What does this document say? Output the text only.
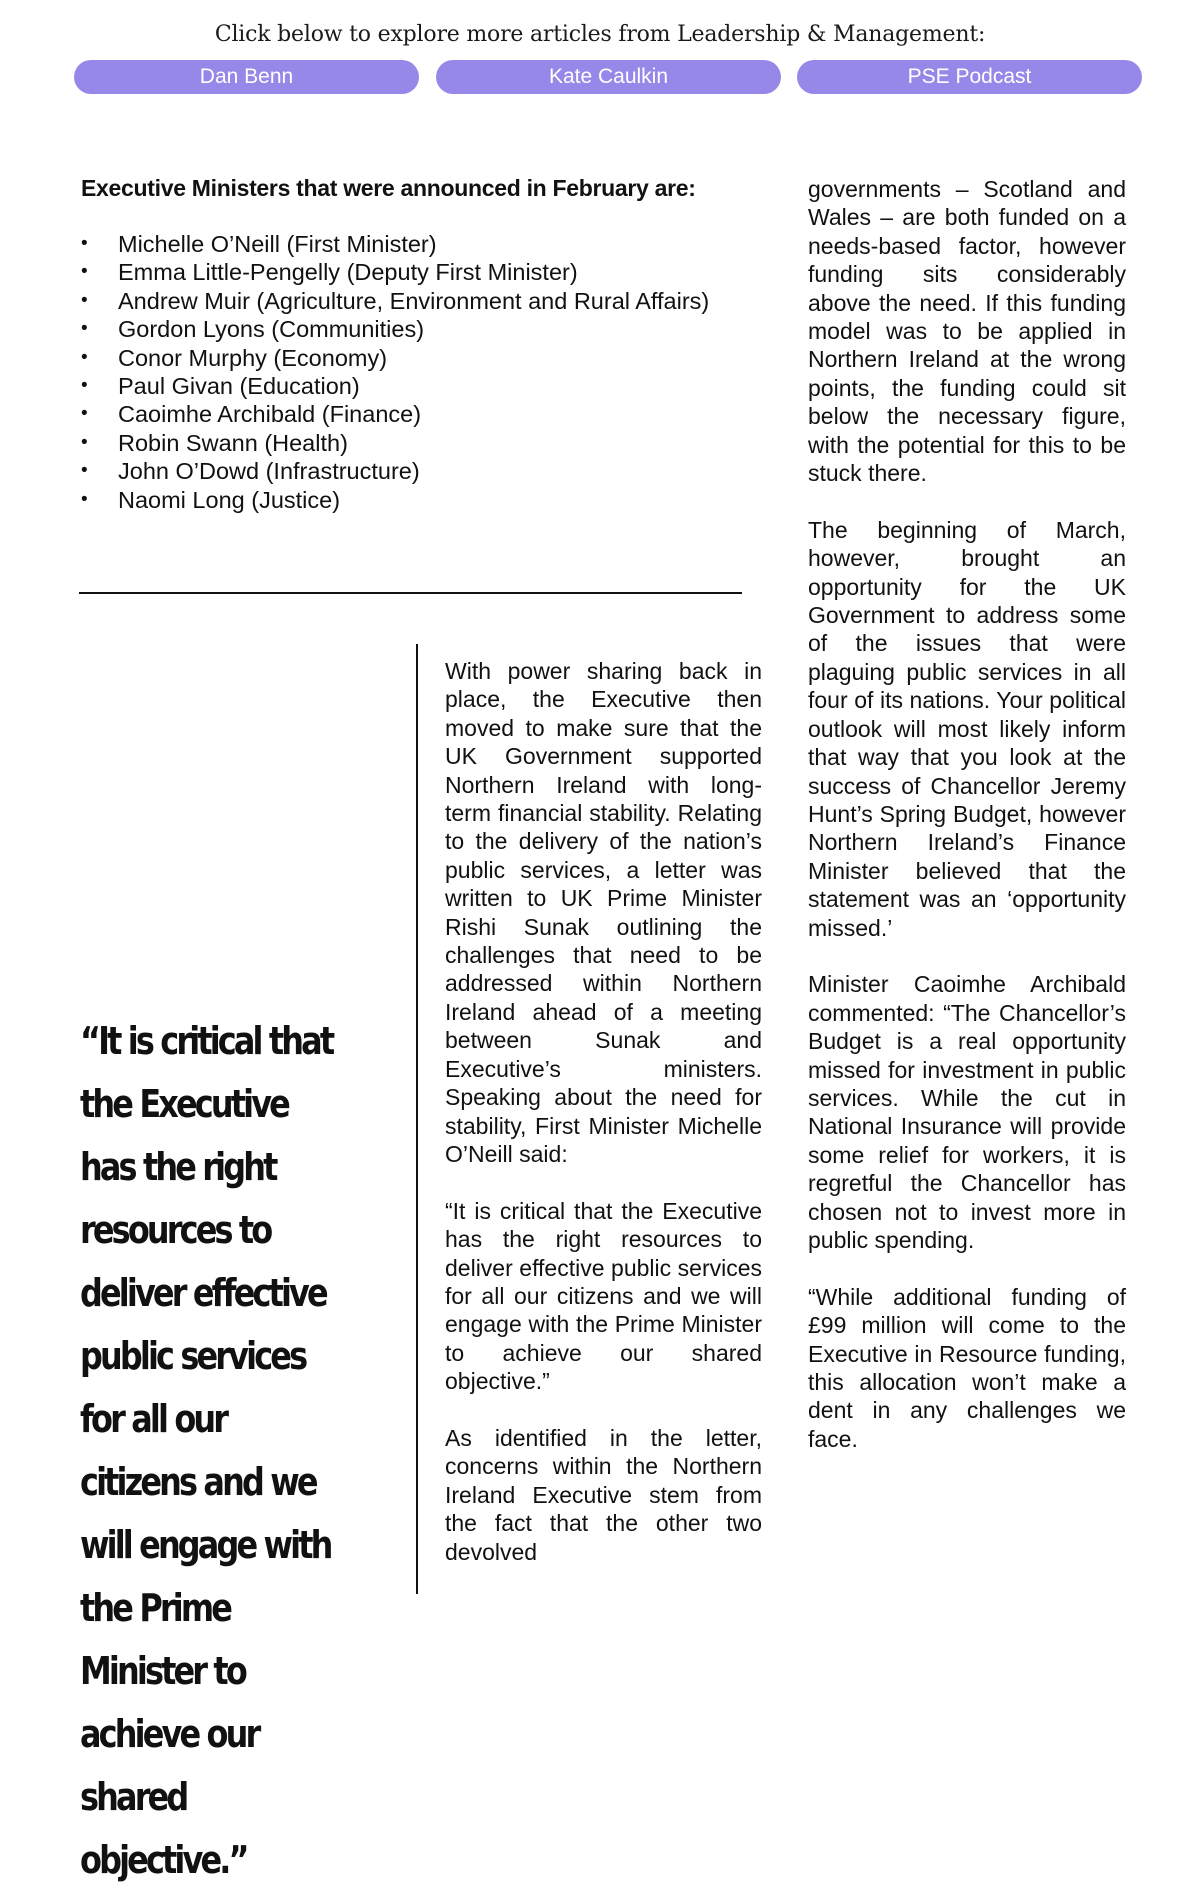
Click below to explore more articles from Leadership & Management:
Dan Benn	Kate Caulkin	PSE Podcast
Executive Ministers that were announced in February are:
• Michelle O’Neill (First Minister)
• Emma Little-Pengelly (Deputy First Minister)
• Andrew Muir (Agriculture, Environment and Rural Affairs)
• Gordon Lyons (Communities)
• Conor Murphy (Economy)
• Paul Givan (Education)
• Caoimhe Archibald (Finance)
• Robin Swann (Health)
• John O’Dowd (Infrastructure)
• Naomi Long (Justice)

“It is critical that the Executive has the right resources to deliver effective public services for all our citizens and we will engage with the Prime Minister to achieve our shared objective.”

With power sharing back in place, the Executive then moved to make sure that the UK Government supported Northern Ireland with long-term financial stability. Relating to the delivery of the nation’s public services, a letter was written to UK Prime Minister Rishi Sunak outlining the challenges that need to be addressed within Northern Ireland ahead of a meeting between Sunak and Executive’s ministers. Speaking about the need for stability, First Minister Michelle O’Neill said:

“It is critical that the Executive has the right resources to deliver effective public services for all our citizens and we will engage with the Prime Minister to achieve our shared objective.”

As identified in the letter, concerns within the Northern Ireland Executive stem from the fact that the other two devolved

governments – Scotland and Wales – are both funded on a needs-based factor, however funding sits considerably above the need. If this funding model was to be applied in Northern Ireland at the wrong points, the funding could sit below the necessary figure, with the potential for this to be stuck there.

The beginning of March, however, brought an opportunity for the UK Government to address some of the issues that were plaguing public services in all four of its nations. Your political outlook will most likely inform that way that you look at the success of Chancellor Jeremy Hunt’s Spring Budget, however Northern Ireland’s Finance Minister believed that the statement was an ‘opportunity missed.’

Minister Caoimhe Archibald commented: “The Chancellor’s Budget is a real opportunity missed for investment in public services. While the cut in National Insurance will provide some relief for workers, it is regretful the Chancellor has chosen not to invest more in public spending.

“While additional funding of £99 million will come to the Executive in Resource funding, this allocation won’t make a dent in any challenges we face.
